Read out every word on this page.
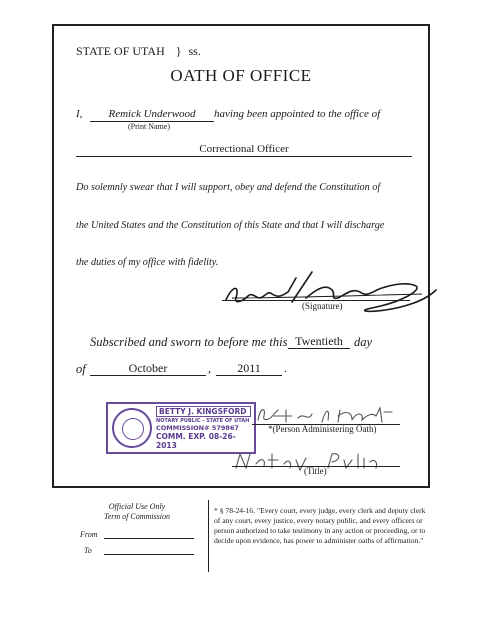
STATE OF UTAH } ss.
OATH OF OFFICE
I,	Remick Underwood
(Print Name)
having been appointed to the office of
Correctional Officer
Do solemnly swear that I will support, obey and defend the Constitution of
the United States and the Constitution of this State and that I will discharge
the duties of my office with fidelity.
(Signature)
Subscribed and sworn to before me this Twentieth day
of	October	,	2011	.
BETTY J. KINGSFORD
NOTARY PUBLIC - STATE OF UTAH
COMMISSION# 579867
COMM. EXP. 08-26-2013
*(Person Administering Oath)
(Title)
Official Use Only
Term of Commission
From
To
* § 78-24-16. "Every court, every judge, every clerk and deputy clerk of any court, every justice, every notary public, and every officers or person authorized to take testimony in any action or proceeding, or to decide upon evidence, has power to administer oaths of affirmation."
